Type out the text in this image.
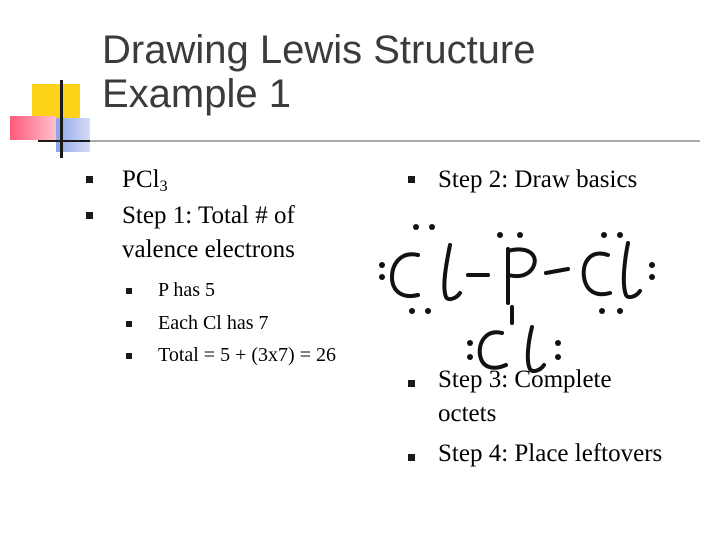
Drawing Lewis Structure
Example 1
PCl$_3$
Step 1: Total # of
valence electrons
P has 5
Each Cl has 7
Total = 5 + (3x7) = 26
Step 2: Draw basics
Step 3: Complete
octets
Step 4: Place leftovers
